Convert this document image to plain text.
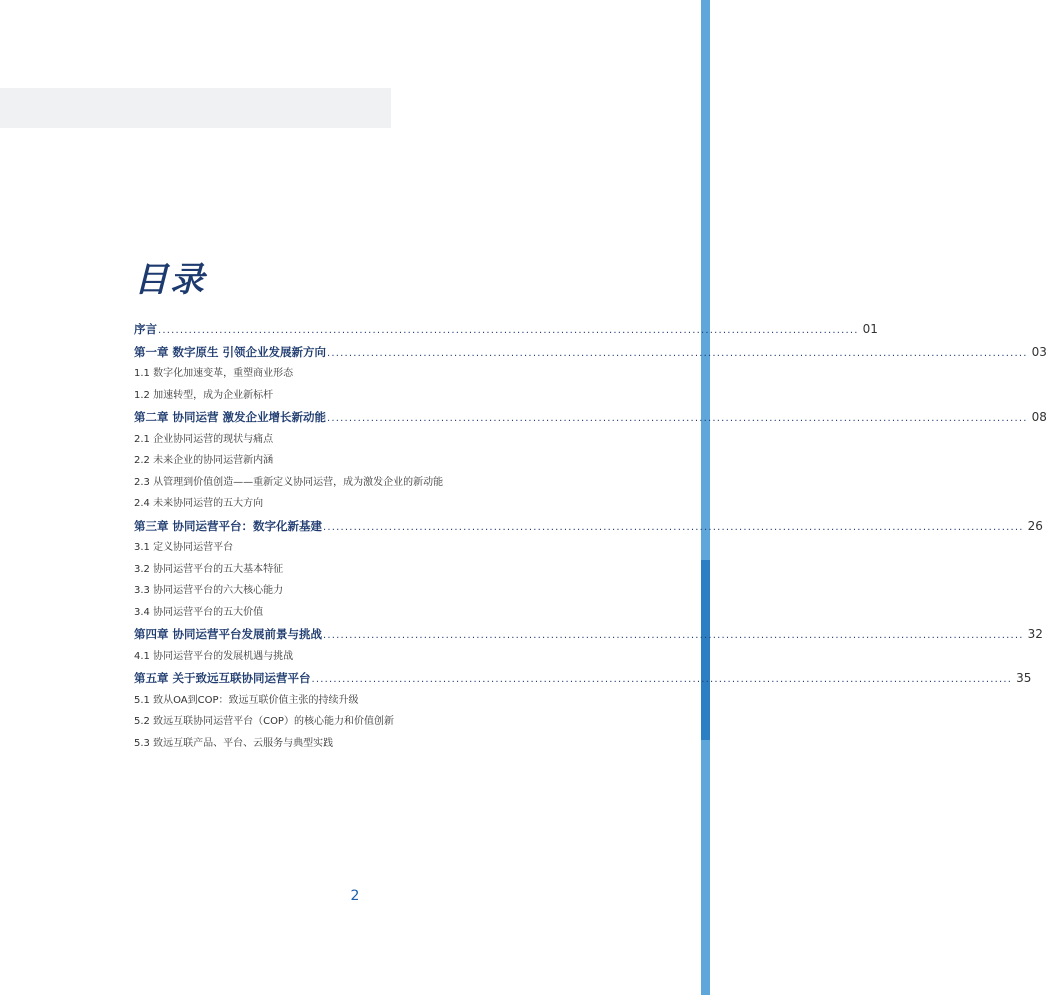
目录
序言 ................................................................................................................................................................ 01
第一章 数字原生 引领企业发展新方向 ................................................................................................................................................................ 03
1.1 数字化加速变革，重塑商业形态
1.2 加速转型，成为企业新标杆
第二章 协同运营 激发企业增长新动能 ................................................................................................................................................................ 08
2.1 企业协同运营的现状与痛点
2.2 未来企业的协同运营新内涵
2.3 从管理到价值创造——重新定义协同运营，成为激发企业的新动能
2.4 未来协同运营的五大方向
第三章 协同运营平台：数字化新基建 ................................................................................................................................................................ 26
3.1 定义协同运营平台
3.2 协同运营平台的五大基本特征
3.3 协同运营平台的六大核心能力
3.4 协同运营平台的五大价值
第四章 协同运营平台发展前景与挑战 ................................................................................................................................................................ 32
4.1 协同运营平台的发展机遇与挑战
第五章 关于致远互联协同运营平台 ................................................................................................................................................................ 35
5.1 致从OA到COP：致远互联价值主张的持续升级
5.2 致远互联协同运营平台（COP）的核心能力和价值创新
5.3 致远互联产品、平台、云服务与典型实践
2
